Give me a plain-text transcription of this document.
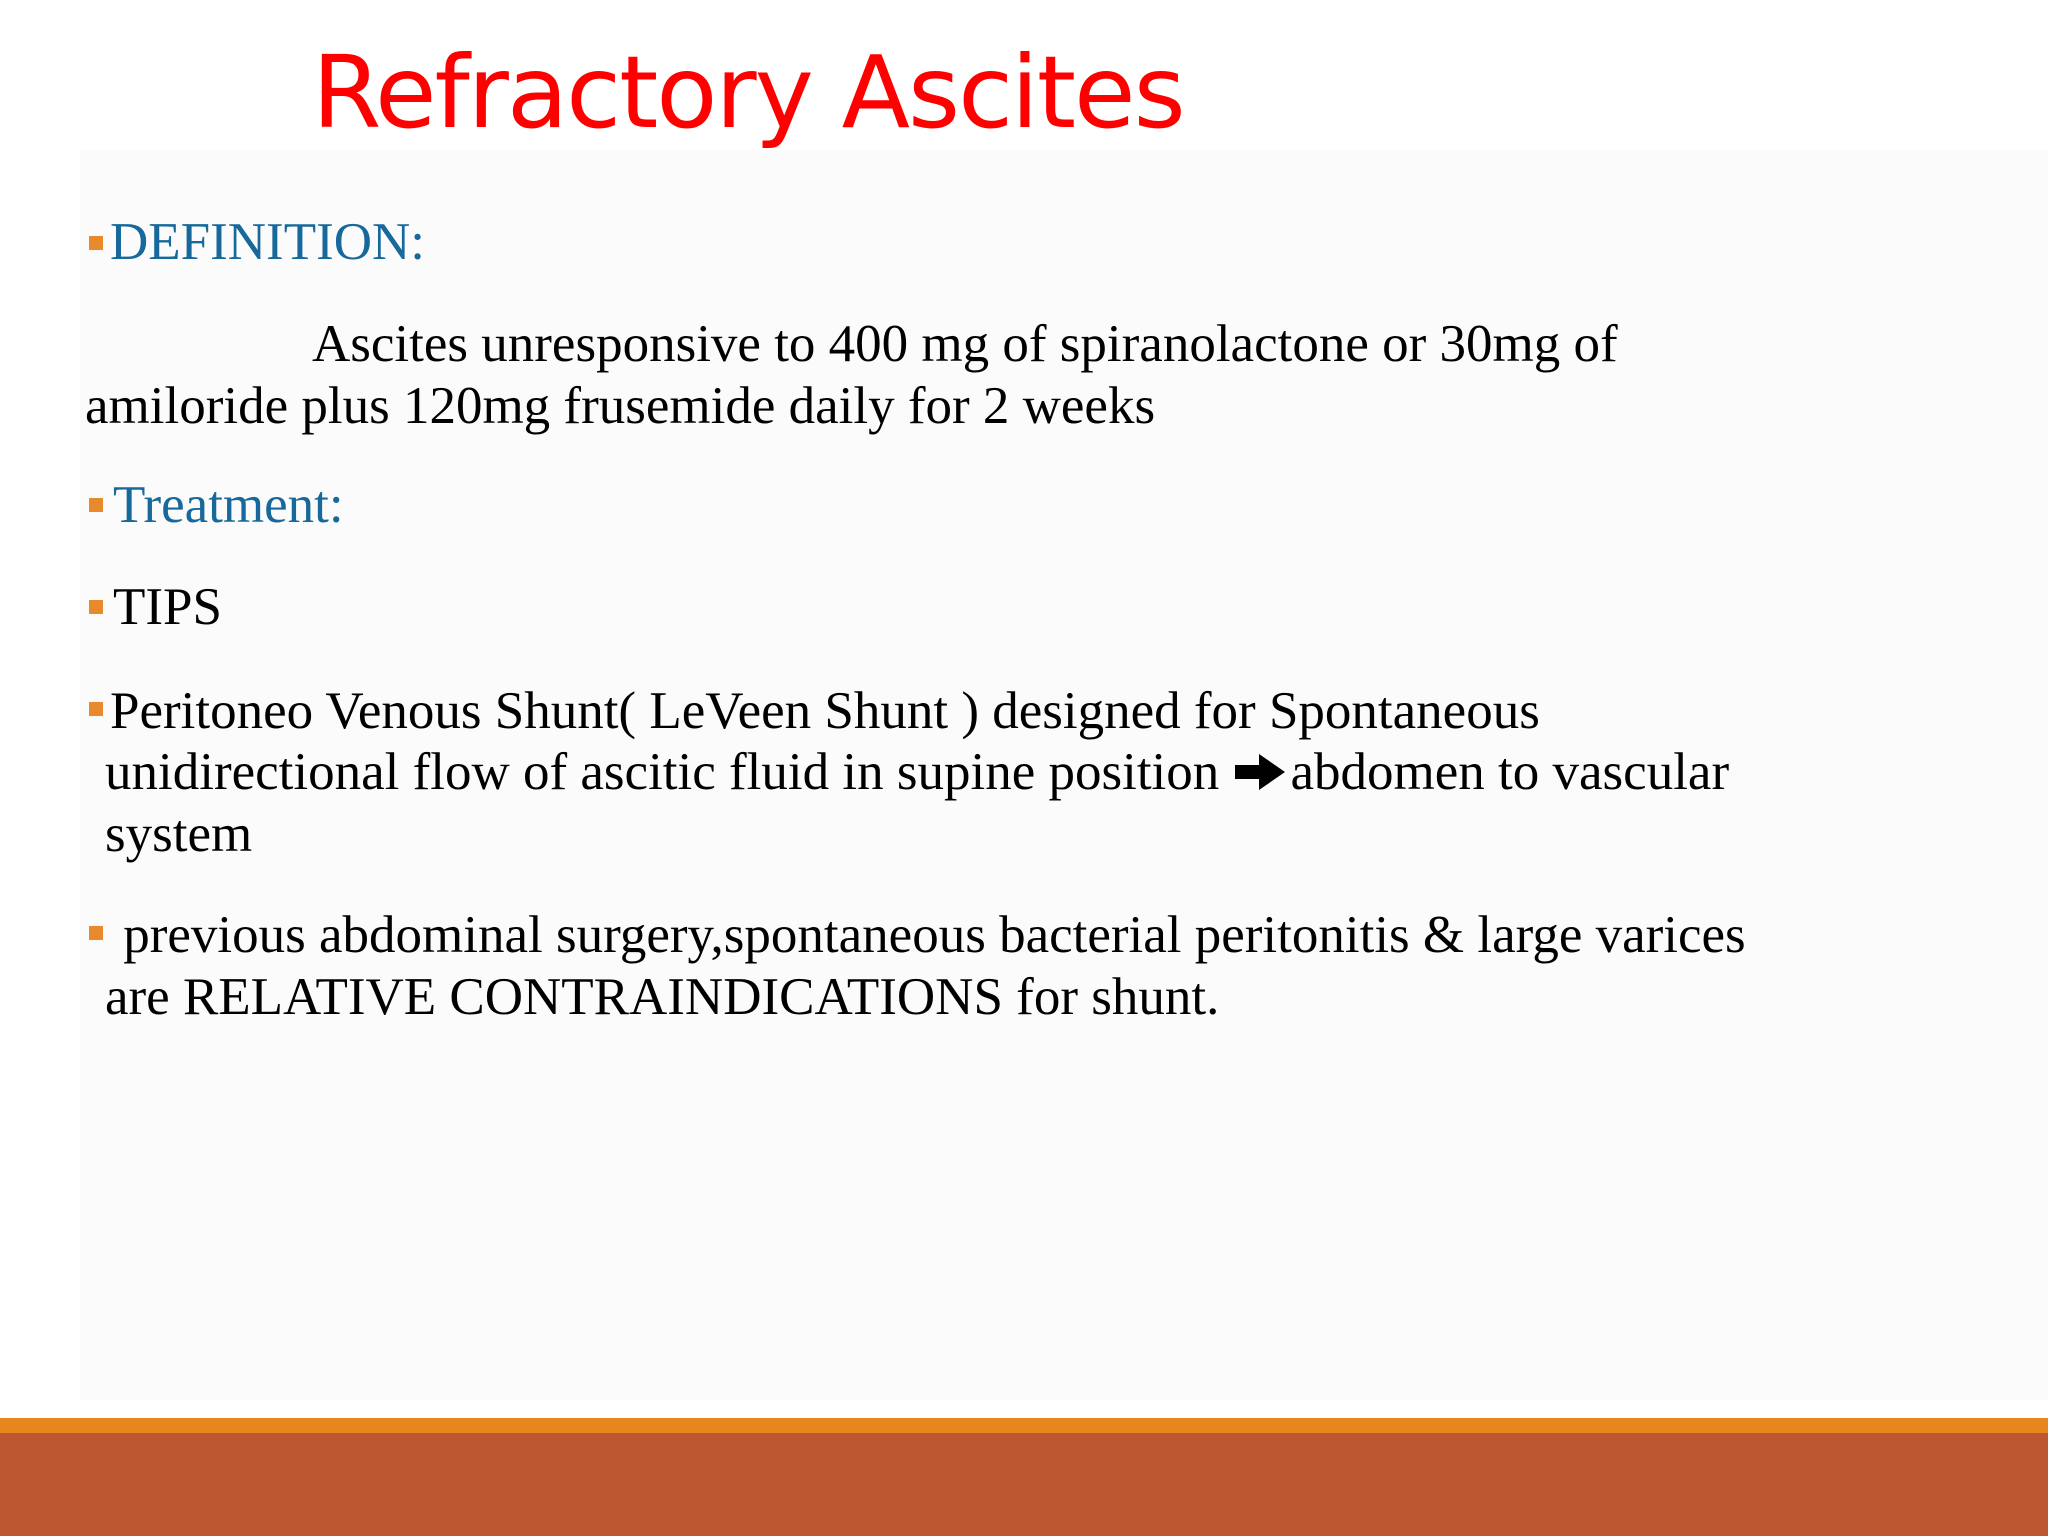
Refractory Ascites
DEFINITION:
Ascites unresponsive to 400 mg of spiranolactone or 30mg of
amiloride plus 120mg frusemide daily for 2 weeks
Treatment:
TIPS
Peritoneo Venous Shunt( LeVeen Shunt ) designed for Spontaneous
unidirectional flow of ascitic fluid in supine position abdomen to vascular
system
previous abdominal surgery,spontaneous bacterial peritonitis & large varices
are RELATIVE CONTRAINDICATIONS for shunt.
